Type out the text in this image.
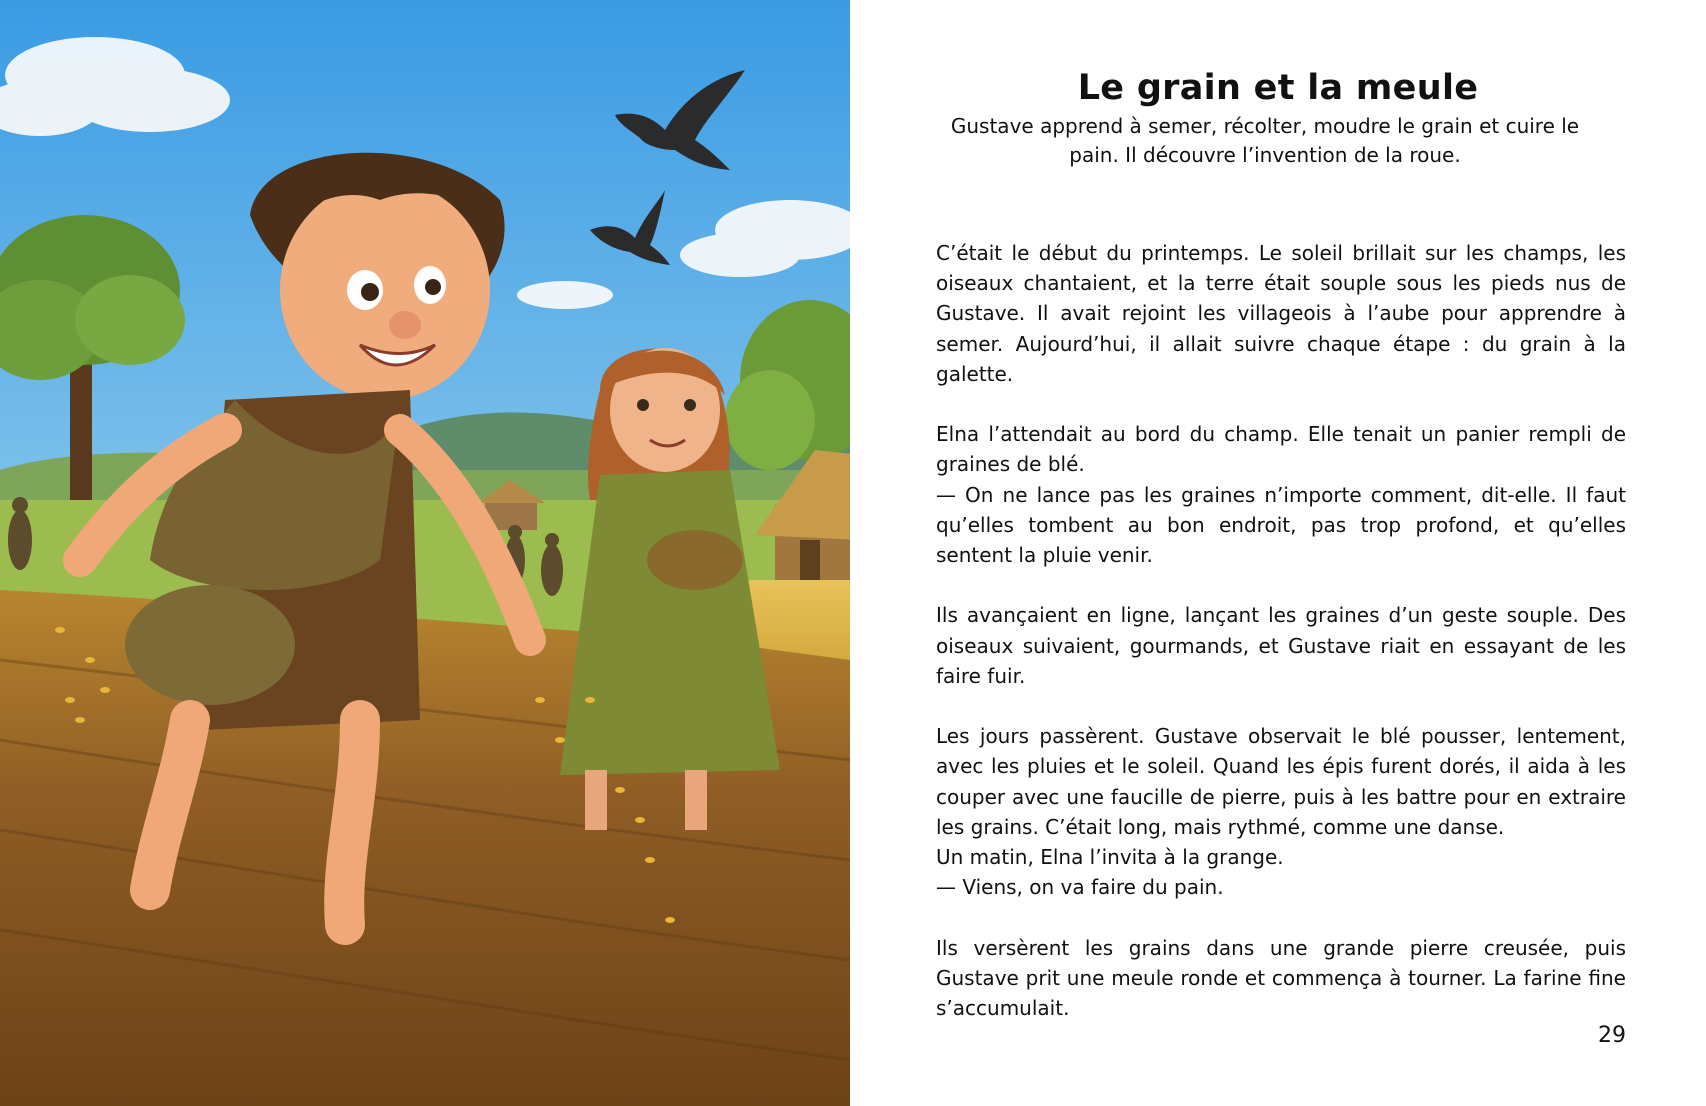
Le grain et la meule

Gustave apprend à semer, récolter, moudre le grain et cuire le pain. Il découvre l’invention de la roue.

C’était le début du printemps. Le soleil brillait sur les champs, les oiseaux chantaient, et la terre était souple sous les pieds nus de Gustave. Il avait rejoint les villageois à l’aube pour apprendre à semer. Aujourd’hui, il allait suivre chaque étape : du grain à la galette.

Elna l’attendait au bord du champ. Elle tenait un panier rempli de graines de blé.

— On ne lance pas les graines n’importe comment, dit-elle. Il faut qu’elles tombent au bon endroit, pas trop profond, et qu’elles sentent la pluie venir.

Ils avançaient en ligne, lançant les graines d’un geste souple. Des oiseaux suivaient, gourmands, et Gustave riait en essayant de les faire fuir.

Les jours passèrent. Gustave observait le blé pousser, lentement, avec les pluies et le soleil. Quand les épis furent dorés, il aida à les couper avec une faucille de pierre, puis à les battre pour en extraire les grains. C’était long, mais rythmé, comme une danse.

Un matin, Elna l’invita à la grange.

— Viens, on va faire du pain.

Ils versèrent les grains dans une grande pierre creusée, puis Gustave prit une meule ronde et commença à tourner. La farine fine s’accumulait.

29
